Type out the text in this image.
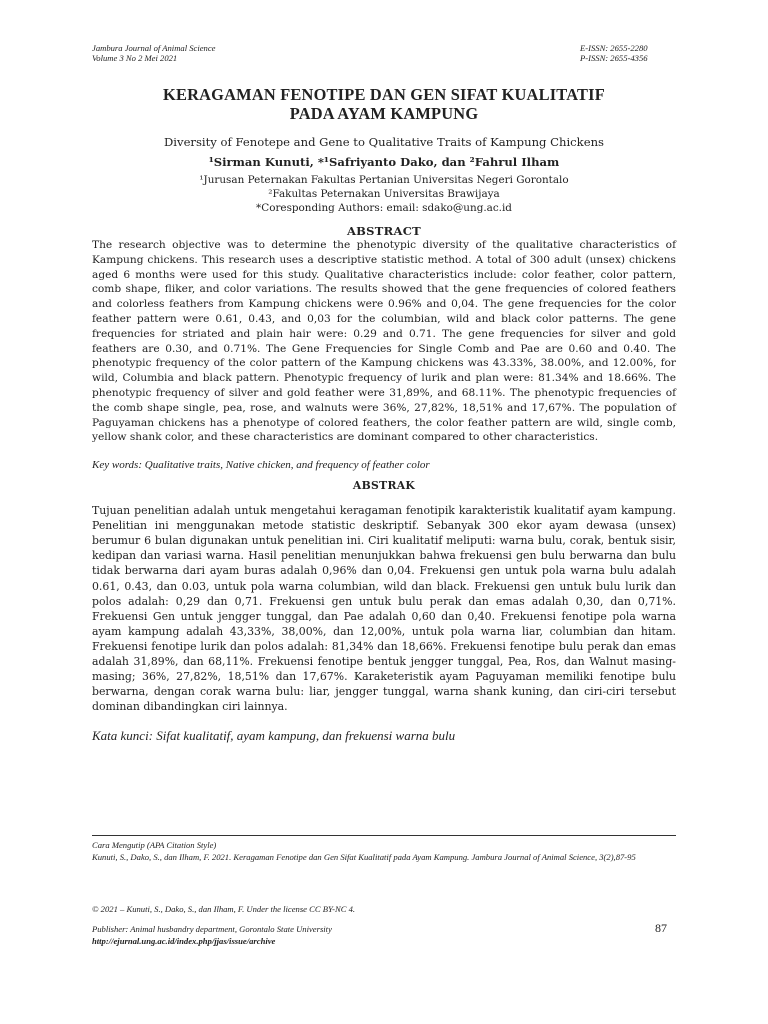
Jambura Journal of Animal Science
Volume 3 No 2 Mei 2021
E-ISSN: 2655-2280
P-ISSN: 2655-4356
KERAGAMAN FENOTIPE DAN GEN SIFAT KUALITATIF
PADA AYAM KAMPUNG
Diversity of Fenotepe and Gene to Qualitative Traits of Kampung Chickens
¹Sirman Kunuti, *¹Safriyanto Dako, dan ²Fahrul Ilham
¹Jurusan Peternakan Fakultas Pertanian Universitas Negeri Gorontalo
²Fakultas Peternakan Universitas Brawijaya
*Coresponding Authors: email: sdako@ung.ac.id
ABSTRACT

The research objective was to determine the phenotypic diversity of the qualitative characteristics of Kampung chickens. This research uses a descriptive statistic method. A total of 300 adult (unsex) chickens aged 6 months were used for this study. Qualitative characteristics include: color feather, color pattern, comb shape, fliker, and color variations. The results showed that the gene frequencies of colored feathers and colorless feathers from Kampung chickens were 0.96% and 0,04. The gene frequencies for the color feather pattern were 0.61, 0.43, and 0,03 for the columbian, wild and black color patterns. The gene frequencies for striated and plain hair were: 0.29 and 0.71. The gene frequencies for silver and gold feathers are 0.30, and 0.71%. The Gene Frequencies for Single Comb and Pae are 0.60 and 0.40. The phenotypic frequency of the color pattern of the Kampung chickens was 43.33%, 38.00%, and 12.00%, for wild, Columbia and black pattern. Phenotypic frequency of lurik and plan were: 81.34% and 18.66%. The phenotypic frequency of silver and gold feather were 31,89%, and 68.11%. The phenotypic frequencies of the comb shape single, pea, rose, and walnuts were 36%, 27,82%, 18,51% and 17,67%. The population of Paguyaman chickens has a phenotype of colored feathers, the color feather pattern are wild, single comb, yellow shank color, and these characteristics are dominant compared to other characteristics.

Key words: Qualitative traits, Native chicken, and frequency of feather color
ABSTRAK

Tujuan penelitian adalah untuk mengetahui keragaman fenotipik karakteristik kualitatif ayam kampung. Penelitian ini menggunakan metode statistic deskriptif. Sebanyak 300 ekor ayam dewasa (unsex) berumur 6 bulan digunakan untuk penelitian ini. Ciri kualitatif meliputi: warna bulu, corak, bentuk sisir, kedipan dan variasi warna. Hasil penelitian menunjukkan bahwa frekuensi gen bulu berwarna dan bulu tidak berwarna dari ayam buras adalah 0,96% dan 0,04. Frekuensi gen untuk pola warna bulu adalah 0.61, 0.43, dan 0.03, untuk pola warna columbian, wild dan black. Frekuensi gen untuk bulu lurik dan polos adalah: 0,29 dan 0,71. Frekuensi gen untuk bulu perak dan emas adalah 0,30, dan 0,71%. Frekuensi Gen untuk jengger tunggal, dan Pae adalah 0,60 dan 0,40. Frekuensi fenotipe pola warna ayam kampung adalah 43,33%, 38,00%, dan 12,00%, untuk pola warna liar, columbian dan hitam. Frekuensi fenotipe lurik dan polos adalah: 81,34% dan 18,66%. Frekuensi fenotipe bulu perak dan emas adalah 31,89%, dan 68,11%. Frekuensi fenotipe bentuk jengger tunggal, Pea, Ros, dan Walnut masing-masing; 36%, 27,82%, 18,51% dan 17,67%. Karaketeristik ayam Paguyaman memiliki fenotipe bulu berwarna, dengan corak warna bulu: liar, jengger tunggal, warna shank kuning, dan ciri-ciri tersebut dominan dibandingkan ciri lainnya.

Kata kunci: Sifat kualitatif, ayam kampung, dan frekuensi warna bulu
Cara Mengutip (APA Citation Style)
Kunuti, S., Dako, S., dan Ilham, F. 2021. Keragaman Fenotipe dan Gen Sifat Kualitatif pada Ayam Kampung. Jambura Journal of Animal Science, 3(2),87-95
© 2021 – Kunuti, S., Dako, S., dan Ilham, F. Under the license CC BY-NC 4.
Publisher: Animal husbandry department, Gorontalo State University
http://ejurnal.ung.ac.id/index.php/jjas/issue/archive
87
